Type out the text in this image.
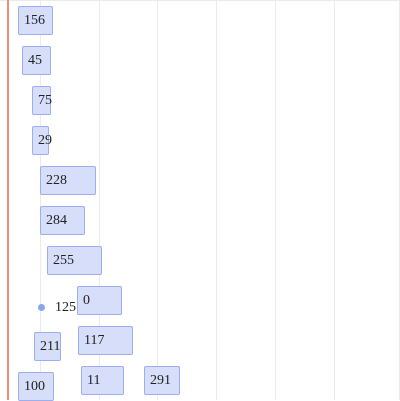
156
45
75
29
228
284
255
125 0
211	117
100	11	291
